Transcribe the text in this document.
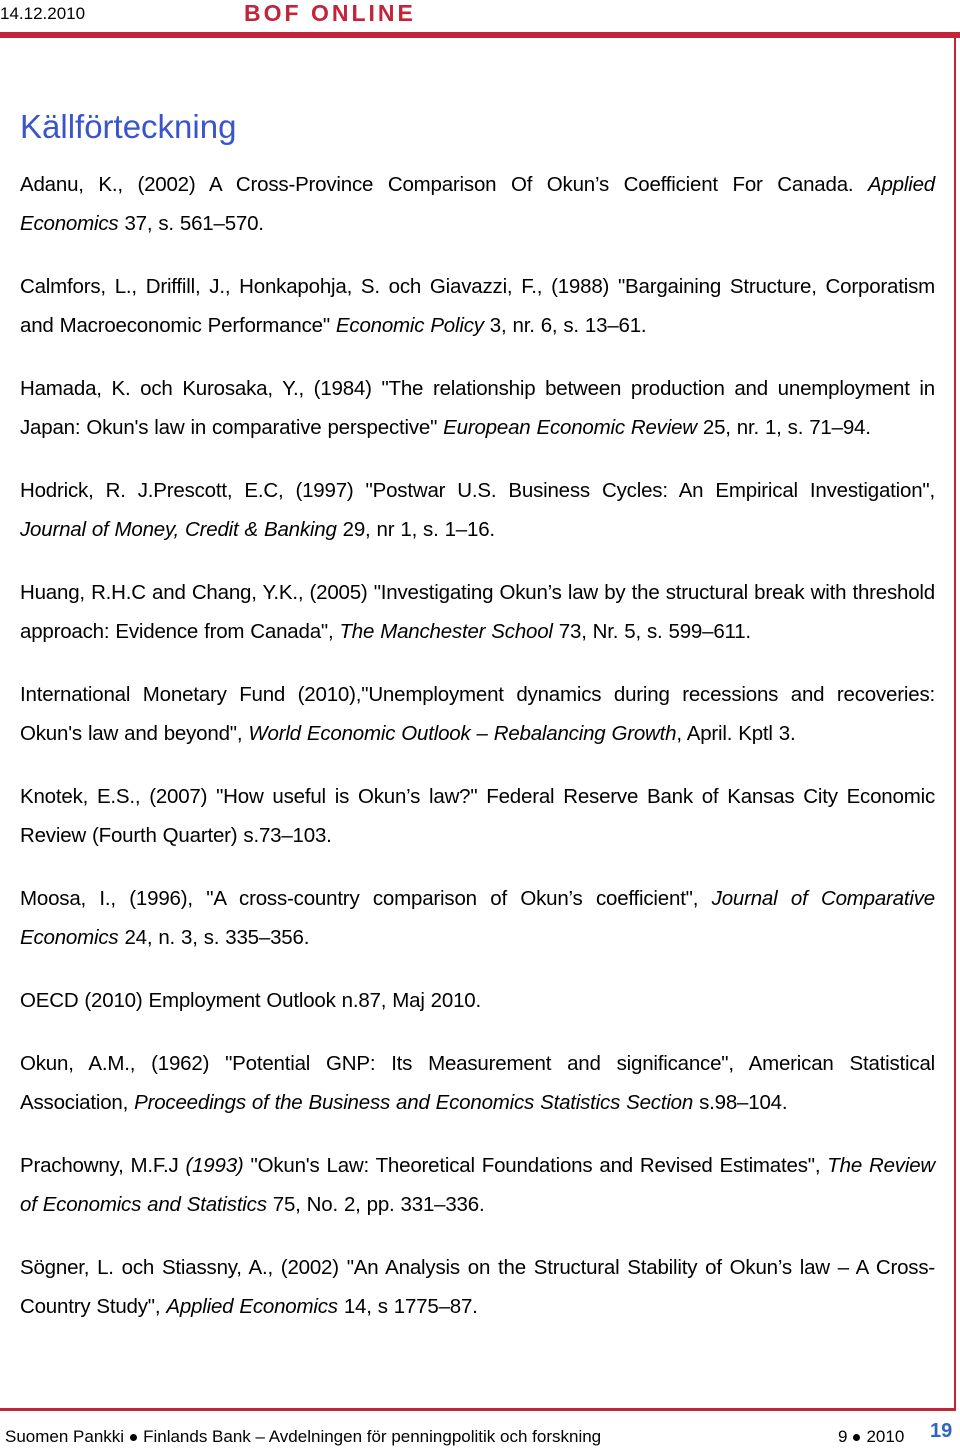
14.12.2010	BOF ONLINE
Källförteckning

Adanu, K., (2002) A Cross-Province Comparison Of Okun’s Coefficient For Canada. Applied Economics 37, s. 561–570.

Calmfors, L., Driffill, J., Honkapohja, S. och Giavazzi, F., (1988) "Bargaining Structure, Corporatism and Macroeconomic Performance" Economic Policy 3, nr. 6, s. 13–61.

Hamada, K. och Kurosaka, Y., (1984) "The relationship between production and unemployment in Japan: Okun's law in comparative perspective" European Economic Review 25, nr. 1, s. 71–94.

Hodrick, R. J.Prescott, E.C, (1997) "Postwar U.S. Business Cycles: An Empirical Investigation", Journal of Money, Credit & Banking 29, nr 1, s. 1–16.

Huang, R.H.C and Chang, Y.K., (2005) "Investigating Okun’s law by the structural break with threshold approach: Evidence from Canada", The Manchester School 73, Nr. 5, s. 599–611.

International Monetary Fund (2010),"Unemployment dynamics during recessions and recoveries: Okun's law and beyond", World Economic Outlook – Rebalancing Growth, April. Kptl 3.

Knotek, E.S., (2007) "How useful is Okun’s law?" Federal Reserve Bank of Kansas City Economic Review (Fourth Quarter) s.73–103.

Moosa, I., (1996), "A cross-country comparison of Okun’s coefficient", Journal of Comparative Economics 24, n. 3, s. 335–356.

OECD (2010) Employment Outlook n.87, Maj 2010.

Okun, A.M., (1962) "Potential GNP: Its Measurement and significance", American Statistical Association, Proceedings of the Business and Economics Statistics Section s.98–104.

Prachowny, M.F.J (1993) "Okun's Law: Theoretical Foundations and Revised Estimates", The Review of Economics and Statistics 75, No. 2, pp. 331–336.

Sögner, L. och Stiassny, A., (2002) "An Analysis on the Structural Stability of Okun’s law – A Cross-Country Study", Applied Economics 14, s 1775–87.

Suomen Pankki Finlands Bank – Avdelningen för penningpolitik och forskning	9 2010 19
